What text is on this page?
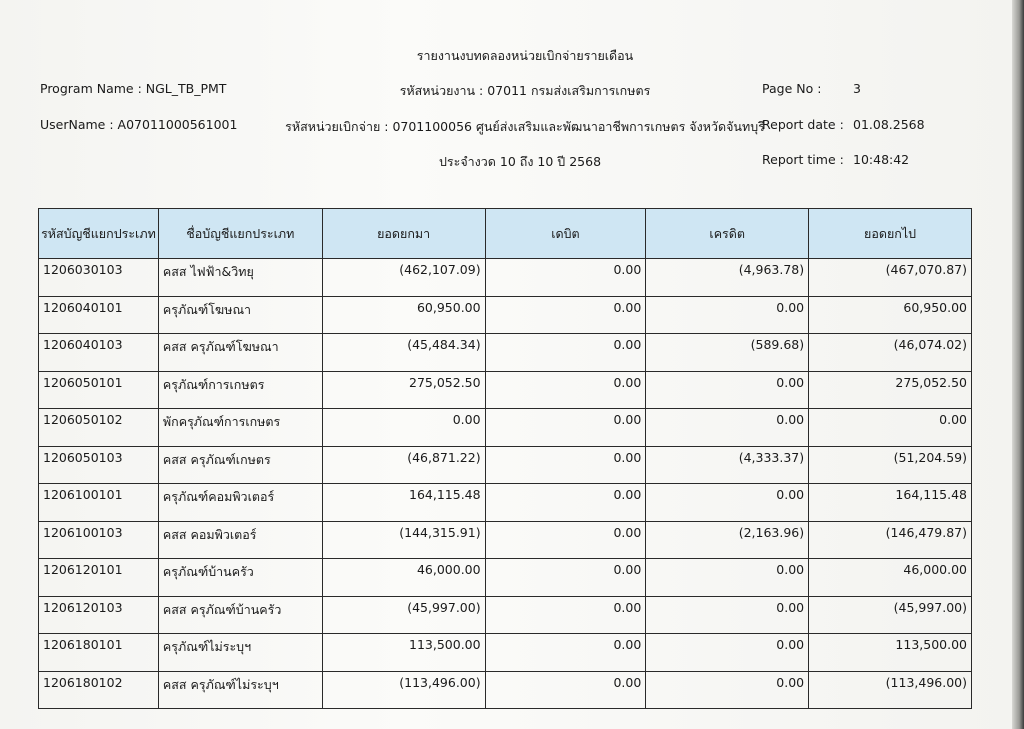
รายงานงบทดลองหน่วยเบิกจ่ายรายเดือน
Program Name : NGL_TB_PMT
UserName : A07011000561001
รหัสหน่วยงาน : 07011 กรมส่งเสริมการเกษตร
รหัสหน่วยเบิกจ่าย : 0701100056 ศูนย์ส่งเสริมและพัฒนาอาชีพการเกษตร จังหวัดจันทบุรี
ประจำงวด 10 ถึง 10 ปี 2568
Page No :	3
Report date : 01.08.2568
Report time : 10:48:42
รหัสบัญชีแยกประเภท	ชื่อบัญชีแยกประเภท	ยอดยกมา	เดบิต	เครดิต	ยอดยกไป
1206030103	คสส ไฟฟ้า&วิทยุ	(462,107.09)	0.00	(4,963.78)	(467,070.87)
1206040101	ครุภัณฑ์โฆษณา	60,950.00	0.00	0.00	60,950.00
1206040103	คสส ครุภัณฑ์โฆษณา	(45,484.34)	0.00	(589.68)	(46,074.02)
1206050101	ครุภัณฑ์การเกษตร	275,052.50	0.00	0.00	275,052.50
1206050102	พักครุภัณฑ์การเกษตร	0.00	0.00	0.00	0.00
1206050103	คสส ครุภัณฑ์เกษตร	(46,871.22)	0.00	(4,333.37)	(51,204.59)
1206100101	ครุภัณฑ์คอมพิวเตอร์	164,115.48	0.00	0.00	164,115.48
1206100103	คสส คอมพิวเตอร์	(144,315.91)	0.00	(2,163.96)	(146,479.87)
1206120101	ครุภัณฑ์บ้านครัว	46,000.00	0.00	0.00	46,000.00
1206120103	คสส ครุภัณฑ์บ้านครัว	(45,997.00)	0.00	0.00	(45,997.00)
1206180101	ครุภัณฑ์ไม่ระบุฯ	113,500.00	0.00	0.00	113,500.00
1206180102	คสส ครุภัณฑ์ไม่ระบุฯ	(113,496.00)	0.00	0.00	(113,496.00)
